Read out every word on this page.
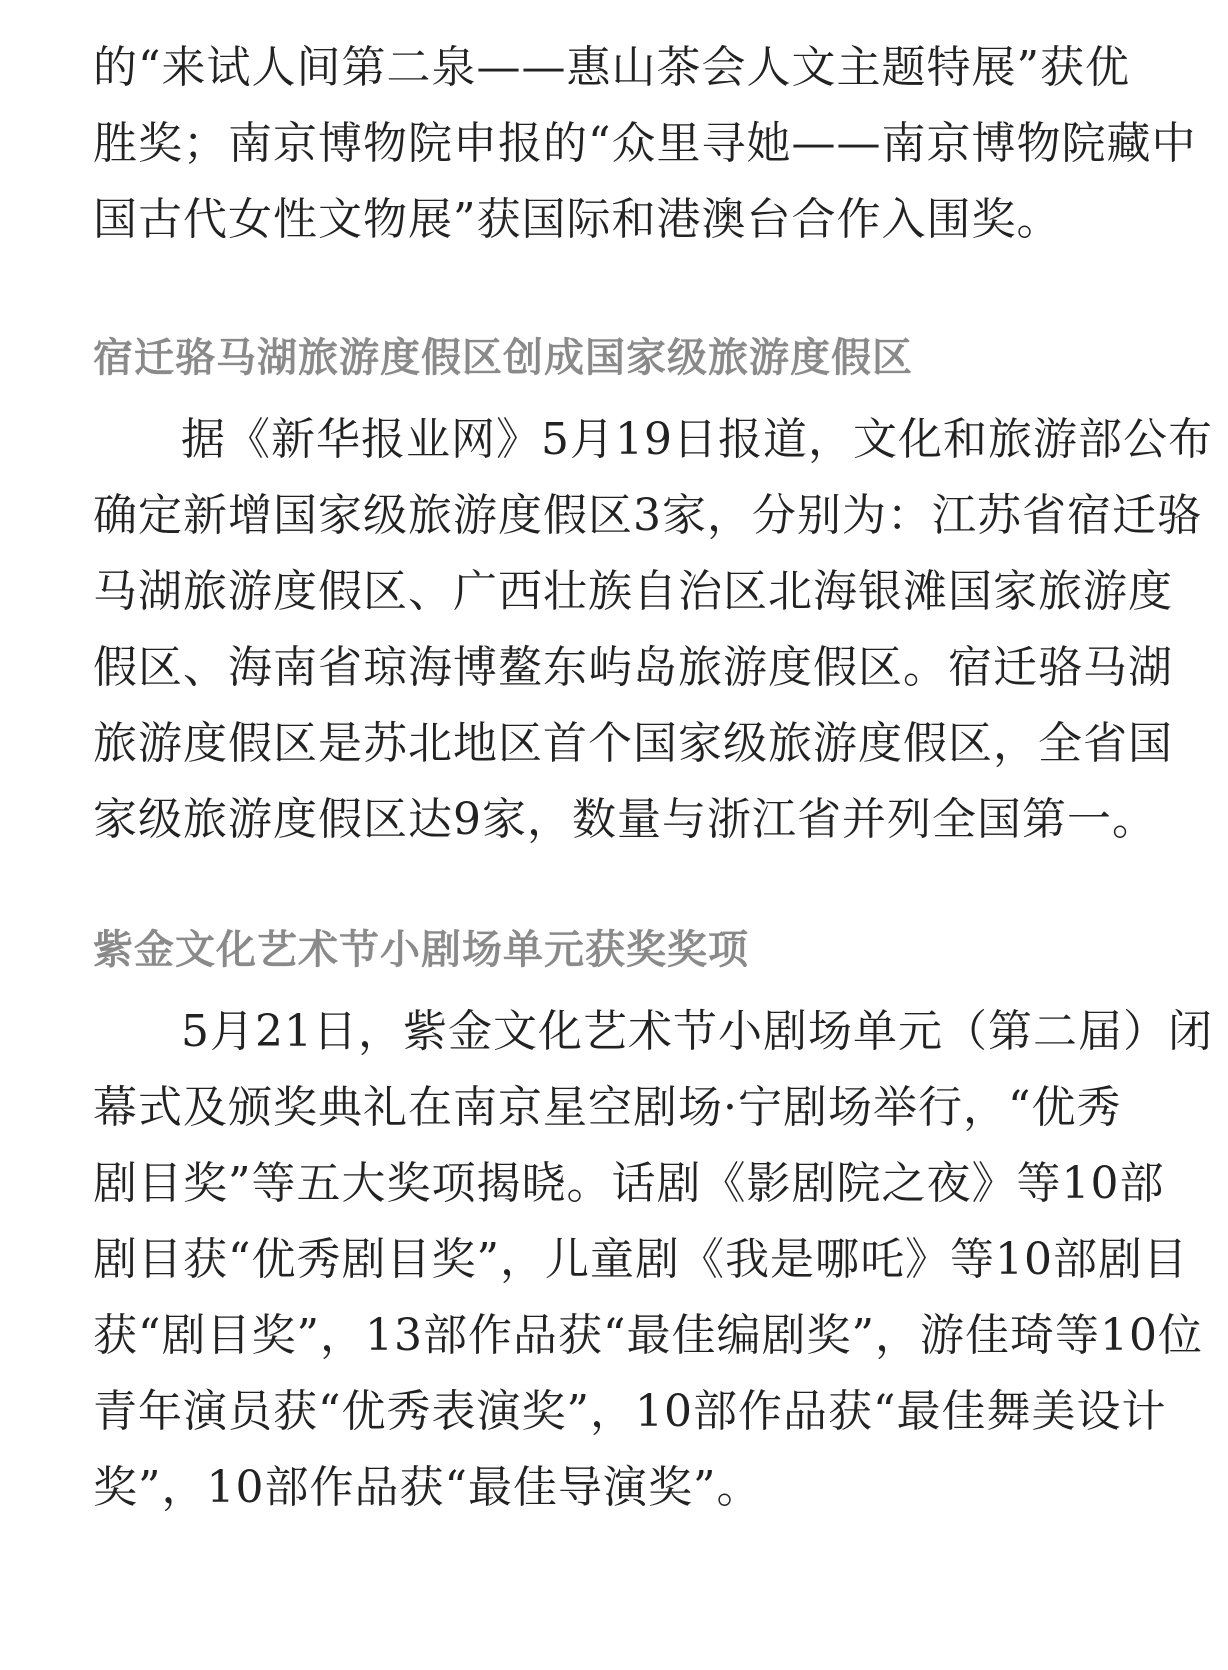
的“来试人间第二泉——惠山茶会人文主题特展”获优
胜奖；南京博物院申报的“众里寻她——南京博物院藏中
国古代女性文物展”获国际和港澳台合作入围奖。
宿迁骆马湖旅游度假区创成国家级旅游度假区
据《新华报业网》5月19日报道，文化和旅游部公布
确定新增国家级旅游度假区3家，分别为：江苏省宿迁骆
马湖旅游度假区、广西壮族自治区北海银滩国家旅游度
假区、海南省琼海博鳌东屿岛旅游度假区。宿迁骆马湖
旅游度假区是苏北地区首个国家级旅游度假区，全省国
家级旅游度假区达9家，数量与浙江省并列全国第一。
紫金文化艺术节小剧场单元获奖奖项
5月21日，紫金文化艺术节小剧场单元（第二届）闭
幕式及颁奖典礼在南京星空剧场·宁剧场举行，“优秀
剧目奖”等五大奖项揭晓。话剧《影剧院之夜》等10部
剧目获“优秀剧目奖”，儿童剧《我是哪吒》等10部剧目
获“剧目奖”，13部作品获“最佳编剧奖”，游佳琦等10位
青年演员获“优秀表演奖”，10部作品获“最佳舞美设计
奖”，10部作品获“最佳导演奖”。
